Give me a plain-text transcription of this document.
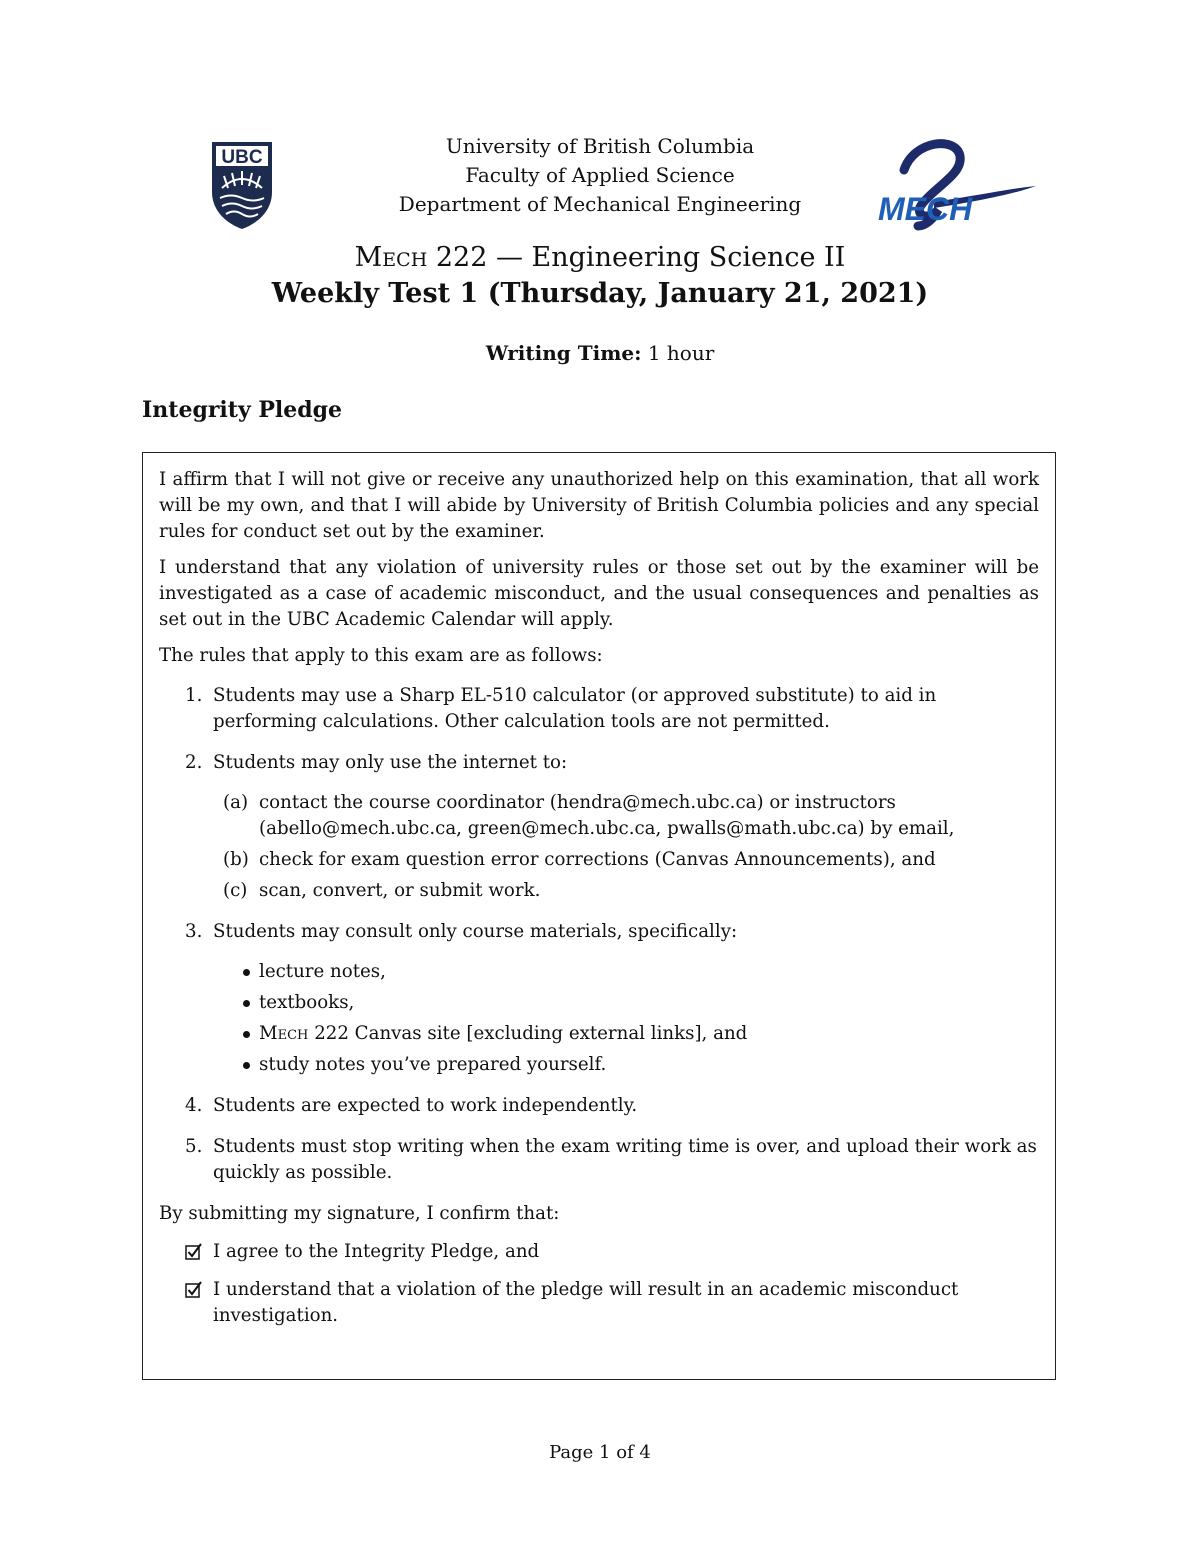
UBC	University of British Columbia
Faculty of Applied Science
Department of Mechanical Engineering	MECH
Mech 222 — Engineering Science II
Weekly Test 1 (Thursday, January 21, 2021)
Writing Time: 1 hour
Integrity Pledge

I affirm that I will not give or receive any unauthorized help on this examination, that all work will be my own, and that I will abide by University of British Columbia policies and any special rules for conduct set out by the examiner.

I understand that any violation of university rules or those set out by the examiner will be investigated as a case of academic misconduct, and the usual consequences and penalties as set out in the UBC Academic Calendar will apply.

The rules that apply to this exam are as follows:

1. Students may use a Sharp EL-510 calculator (or approved substitute) to aid in performing calculations. Other calculation tools are not permitted.
2. Students may only use the internet to:
(a) contact the course coordinator (hendra@mech.ubc.ca) or instructors (abello@mech.ubc.ca, green@mech.ubc.ca, pwalls@math.ubc.ca) by email,
(b) check for exam question error corrections (Canvas Announcements), and
(c) scan, convert, or submit work.
3. Students may consult only course materials, specifically:
lecture notes,
textbooks,
Mech 222 Canvas site [excluding external links], and
study notes you’ve prepared yourself.
4. Students are expected to work independently.
5. Students must stop writing when the exam writing time is over, and upload their work as quickly as possible.

By submitting my signature, I confirm that:

I agree to the Integrity Pledge, and
I understand that a violation of the pledge will result in an academic misconduct investigation.
Page 1 of 4
